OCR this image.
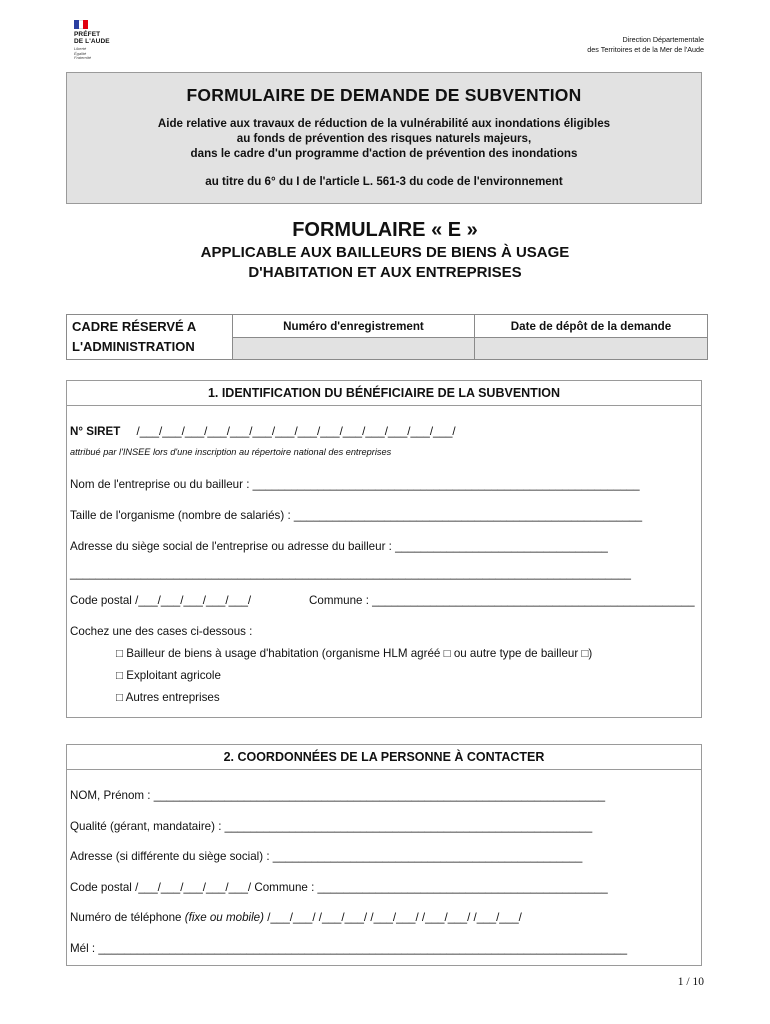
PRÉFET
DE L'AUDE
Liberté
Égalité
Fraternité
Direction Départementale
des Territoires et de la Mer de l'Aude
FORMULAIRE DE DEMANDE DE SUBVENTION
Aide relative aux travaux de réduction de la vulnérabilité aux inondations éligibles
au fonds de prévention des risques naturels majeurs,
dans le cadre d'un programme d'action de prévention des inondations
au titre du 6° du I de l'article L. 561-3 du code de l'environnement
FORMULAIRE « E »
APPLICABLE AUX BAILLEURS DE BIENS À USAGE
D'HABITATION ET AUX ENTREPRISES
CADRE RÉSERVÉ A
L'ADMINISTRATION	Numéro d'enregistrement	Date de dépôt de la demande

1. IDENTIFICATION DU BÉNÉFICIAIRE DE LA SUBVENTION
N° SIRET /___/___/___/___/___/___/___/___/___/___/___/___/___/___/
attribué par l'INSEE lors d'une inscription au répertoire national des entreprises
Nom de l'entreprise ou du bailleur : ____________________________________________________________
Taille de l'organisme (nombre de salariés) : ______________________________________________________
Adresse du siège social de l'entreprise ou adresse du bailleur : _________________________________
_______________________________________________________________________________________
Code postal /___/___/___/___/___/	Commune : __________________________________________________
Cochez une des cases ci-dessous :
□ Bailleur de biens à usage d'habitation (organisme HLM agréé □ ou autre type de bailleur □)
□ Exploitant agricole
□ Autres entreprises
2. COORDONNÉES DE LA PERSONNE À CONTACTER
NOM, Prénom : ______________________________________________________________________
Qualité (gérant, mandataire) : _________________________________________________________
Adresse (si différente du siège social) : ________________________________________________
Code postal /___/___/___/___/___/ Commune : _____________________________________________
Numéro de téléphone (fixe ou mobile) /___/___/ /___/___/ /___/___/ /___/___/ /___/___/
Mél : __________________________________________________________________________________
1 / 10
